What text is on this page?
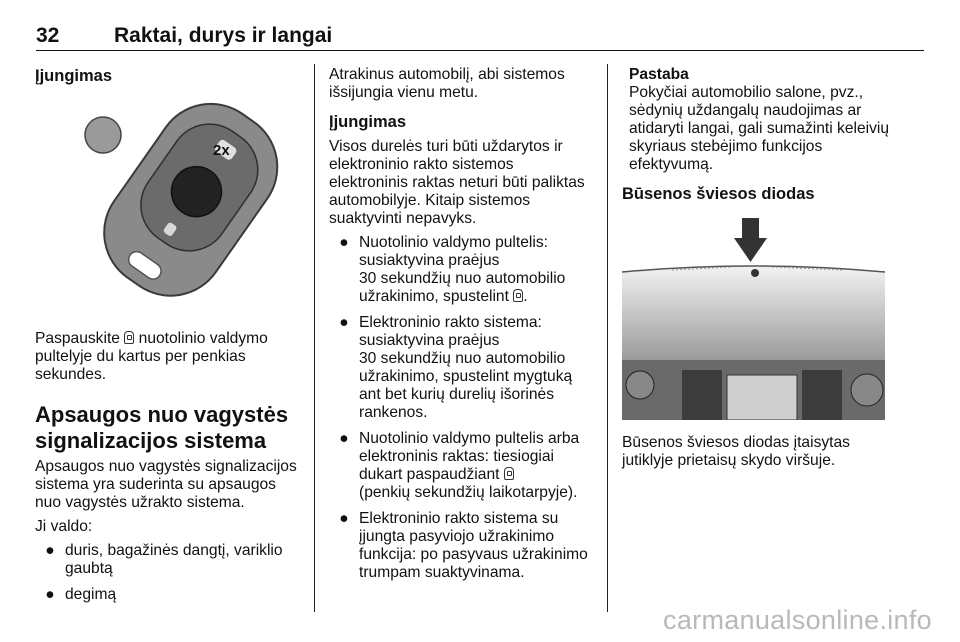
32	Raktai, durys ir langai
Įjungimas
2x

Paspauskite nuotolinio valdymo pultelyje du kartus per penkias sekundes.

Apsaugos nuo vagystės signalizacijos sistema

Apsaugos nuo vagystės signalizacijos sistema yra suderinta su apsaugos nuo vagystės užrakto sistema.

Ji valdo:

● duris, bagažinės dangtį, variklio gaubtą
● degimą

Atrakinus automobilį, abi sistemos išsijungia vienu metu.

Įjungimas

Visos durelės turi būti uždarytos ir elektroninio rakto sistemos
elektroninis raktas neturi būti paliktas automobilyje. Kitaip sistemos
suaktyvinti nepavyks.

● Nuotolinio valdymo pultelis: susiaktyvina praėjus
30 sekundžių nuo automobilio užrakinimo, spustelint .
● Elektroninio rakto sistema: susiaktyvina praėjus
30 sekundžių nuo automobilio užrakinimo, spustelint mygtuką ant bet kurių durelių išorinės rankenos.
● Nuotolinio valdymo pultelis arba elektroninis raktas: tiesiogiai dukart paspaudžiant
(penkių sekundžių laikotarpyje).
● Elektroninio rakto sistema su įjungta pasyviojo užrakinimo funkcija: po pasyvaus užrakinimo trumpam suaktyvinama.
Pastaba

Pokyčiai automobilio salone, pvz., sėdynių uždangalų naudojimas ar atidaryti langai, gali sumažinti keleivių skyriaus stebėjimo funkcijos efektyvumą.

Būsenos šviesos diodas

Būsenos šviesos diodas įtaisytas jutiklyje prietaisų skydo viršuje.

carmanualsonline.info
